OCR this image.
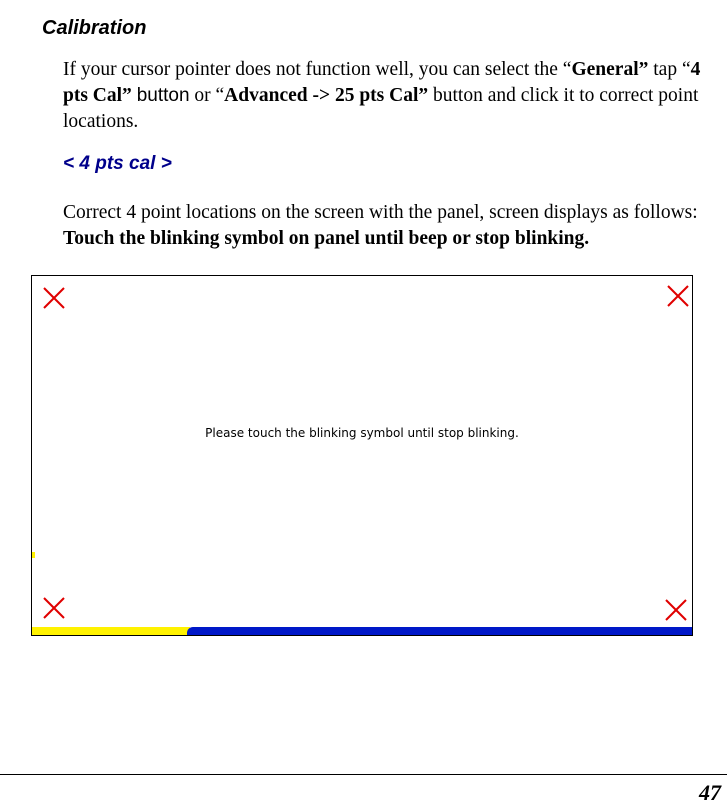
Calibration

If your cursor pointer does not function well, you can select the “General” tap “4 pts Cal” button or “Advanced -> 25 pts Cal” button and click it to correct point locations.

< 4 pts cal >

Correct 4 point locations on the screen with the panel, screen displays as follows: Touch the blinking symbol on panel until beep or stop blinking.

Please touch the blinking symbol until stop blinking.
47
